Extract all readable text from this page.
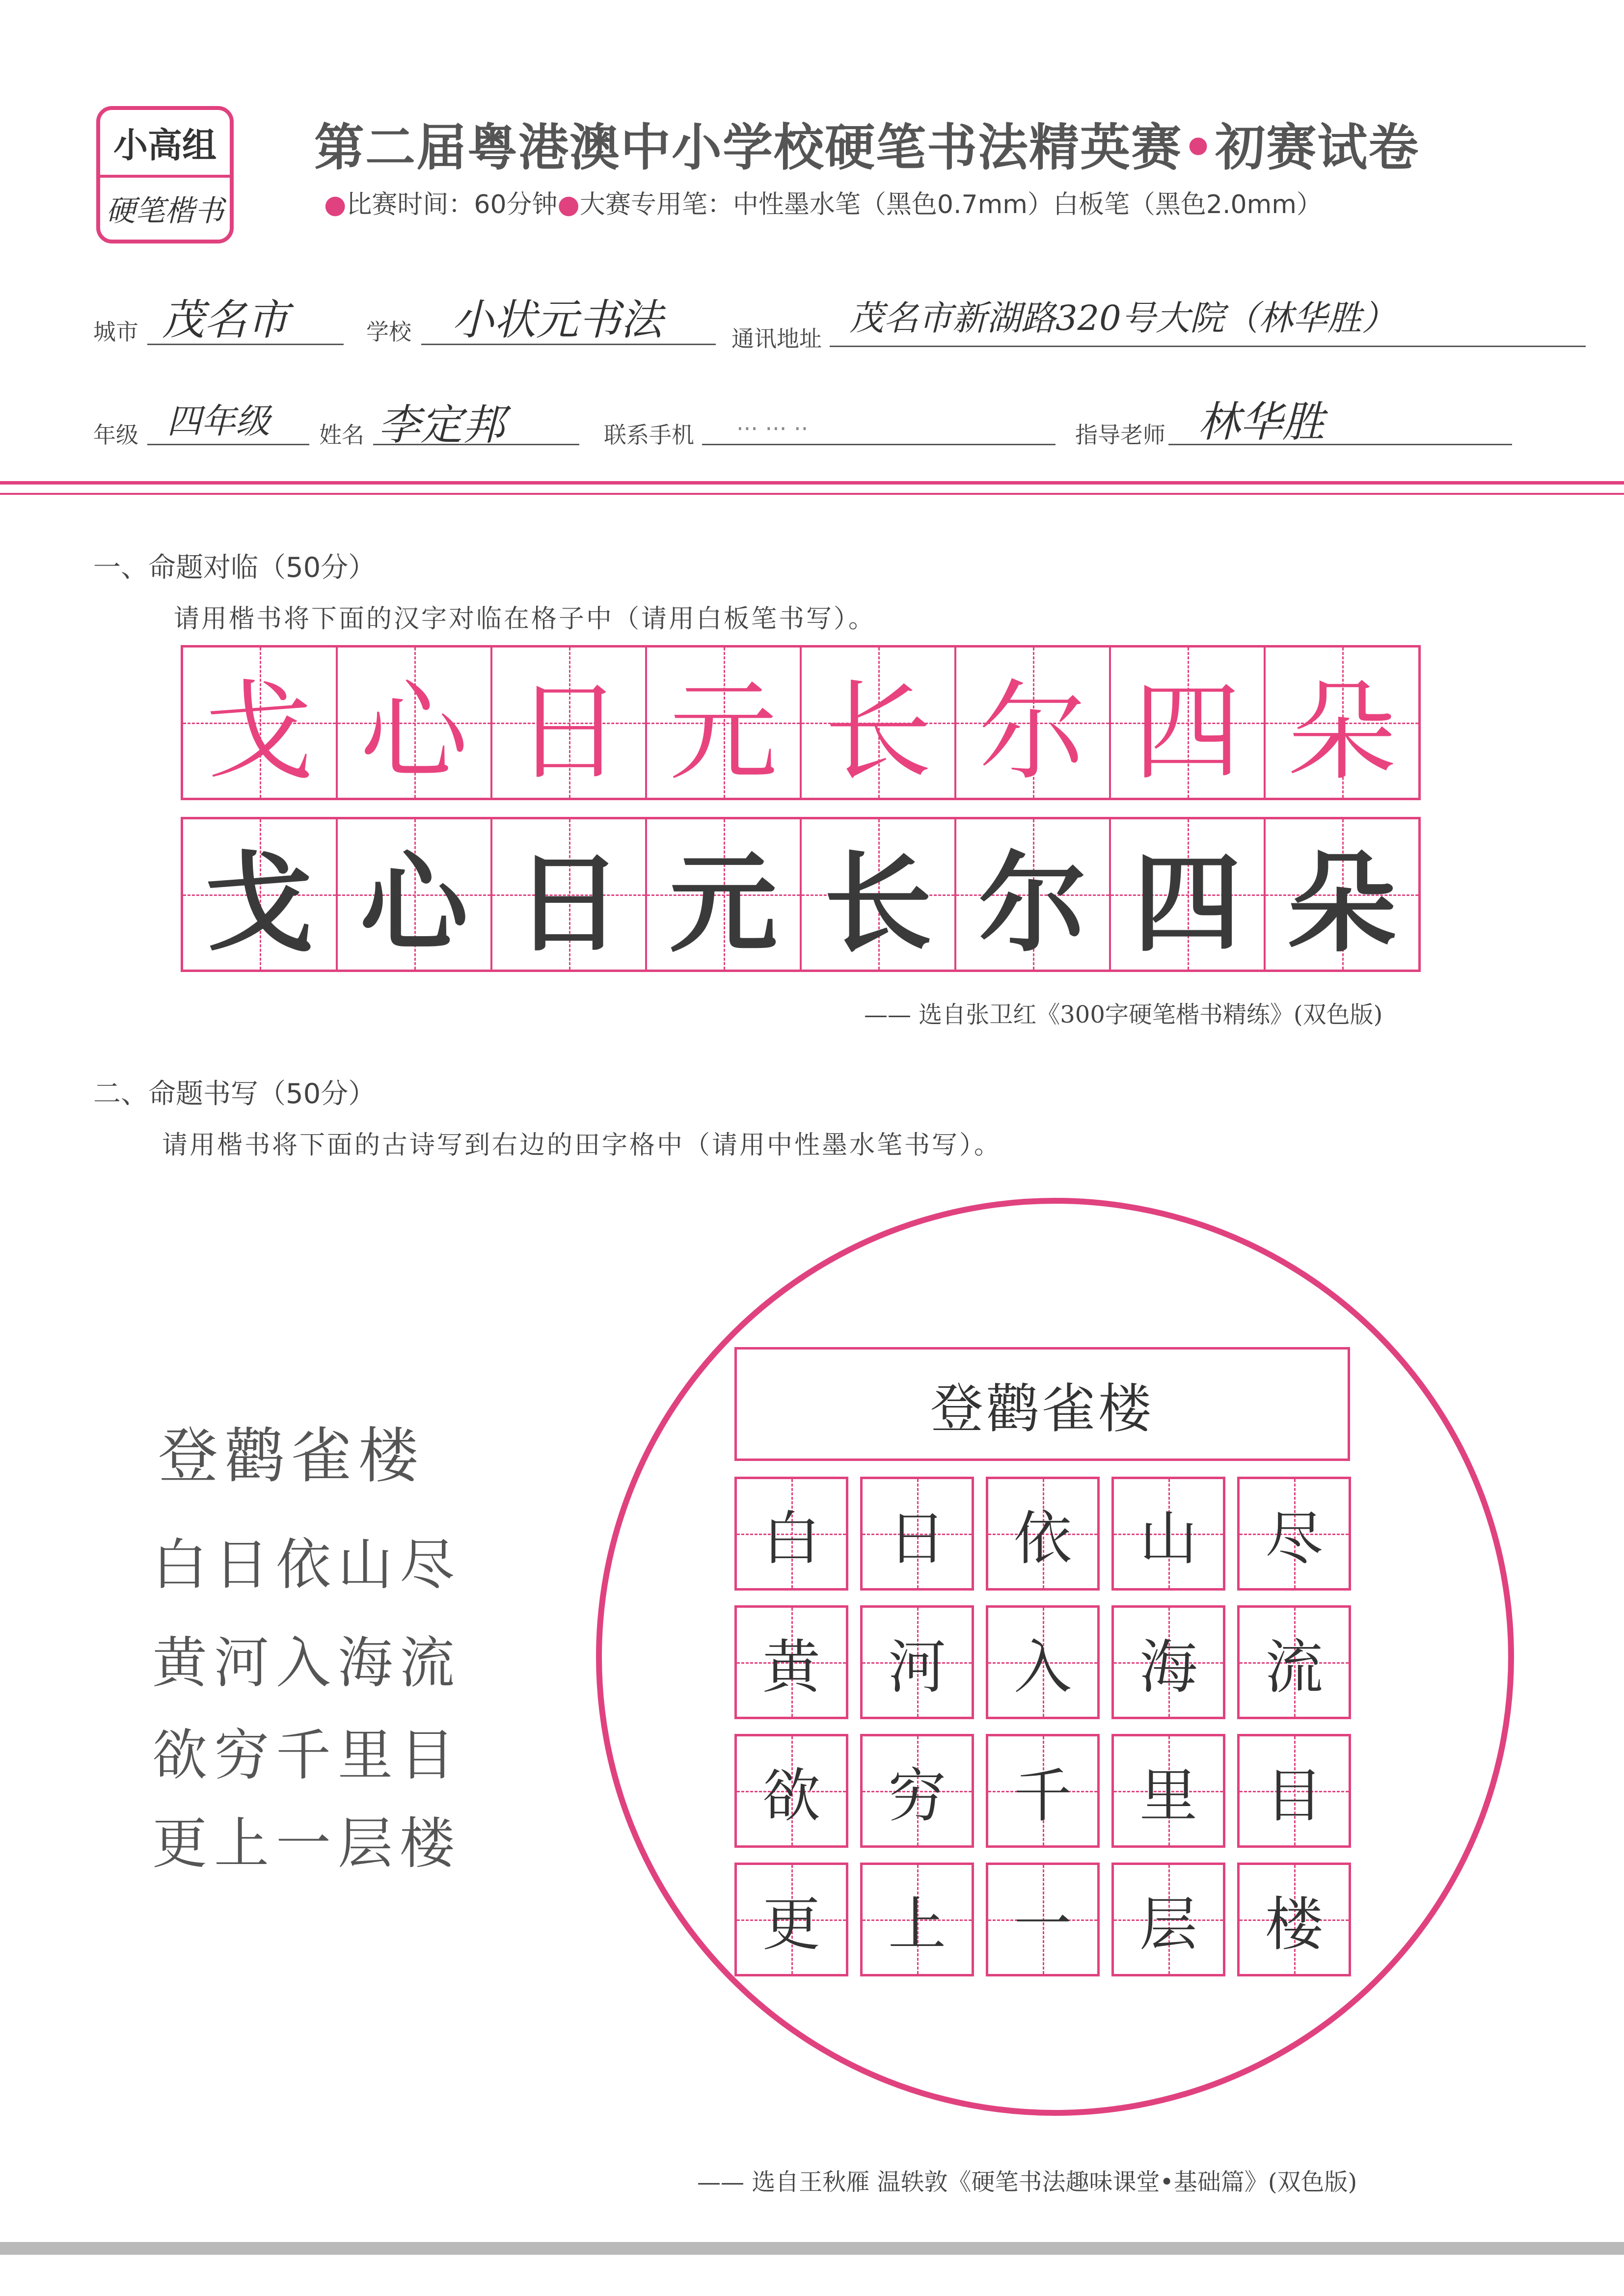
小高组
硬笔楷书
第二届粤港澳中小学校硬笔书法精英赛•初赛试卷
●比赛时间：60分钟●大赛专用笔：中性墨水笔（黑色0.7mm）白板笔（黑色2.0mm）
城市 茂名市	学校 小状元书法	通讯地址
茂名市新湖路320号大院（林华胜）
年级 四年级 姓名 李定邦	联系手机 ··· ··· ··	指导老师 林华胜
一、命题对临（50分）
请用楷书将下面的汉字对临在格子中（请用白板笔书写）。
戈 心 日 元 长 尔 四 朵
戈 心 日 元 长 尔 四 朵
—— 选自张卫红《300字硬笔楷书精练》(双色版)
二、命题书写（50分）
请用楷书将下面的古诗写到右边的田字格中（请用中性墨水笔书写）。
登鹳雀楼
白日依山尽
黄河入海流
欲穷千里目
更上一层楼
登鹳雀楼
白 日 依 山 尽
黄 河 入 海 流
欲 穷 千 里 目
更 上 一 层 楼
—— 选自王秋雁 温轶敦《硬笔书法趣味课堂•基础篇》(双色版)
